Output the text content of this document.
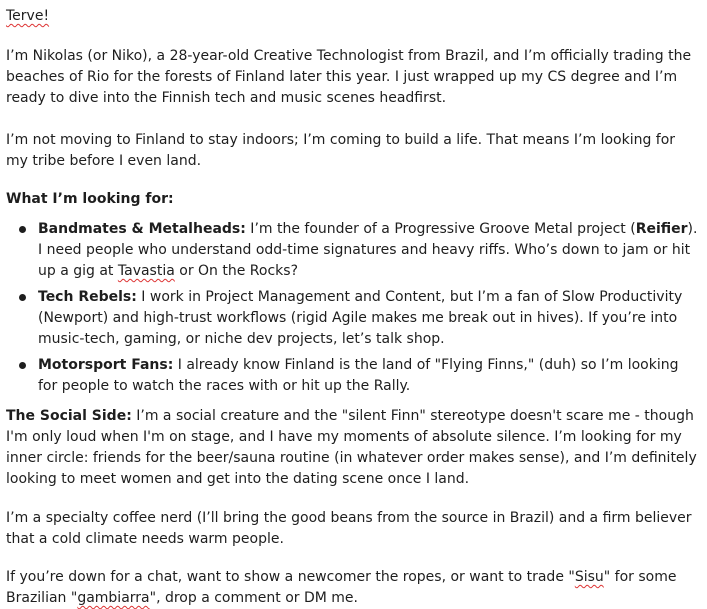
Terve!

I’m Nikolas (or Niko), a 28-year-old Creative Technologist from Brazil, and I’m officially trading the beaches of Rio for the forests of Finland later this year. I just wrapped up my CS degree and I’m ready to dive into the Finnish tech and music scenes headfirst.

I’m not moving to Finland to stay indoors; I’m coming to build a life. That means I’m looking for my tribe before I even land.

What I’m looking for:

Bandmates & Metalheads: I’m the founder of a Progressive Groove Metal project (Reifier). I need people who understand odd-time signatures and heavy riffs. Who’s down to jam or hit up a gig at Tavastia or On the Rocks?
Tech Rebels: I work in Project Management and Content, but I’m a fan of Slow Productivity (Newport) and high-trust workflows (rigid Agile makes me break out in hives). If you’re into music-tech, gaming, or niche dev projects, let’s talk shop.
Motorsport Fans: I already know Finland is the land of "Flying Finns," (duh) so I’m looking for people to watch the races with or hit up the Rally.

The Social Side: I’m a social creature and the "silent Finn" stereotype doesn't scare me - though I'm only loud when I'm on stage, and I have my moments of absolute silence. I’m looking for my inner circle: friends for the beer/sauna routine (in whatever order makes sense), and I’m definitely looking to meet women and get into the dating scene once I land.

I’m a specialty coffee nerd (I’ll bring the good beans from the source in Brazil) and a firm believer that a cold climate needs warm people.

If you’re down for a chat, want to show a newcomer the ropes, or want to trade "Sisu" for some Brazilian "gambiarra", drop a comment or DM me.
